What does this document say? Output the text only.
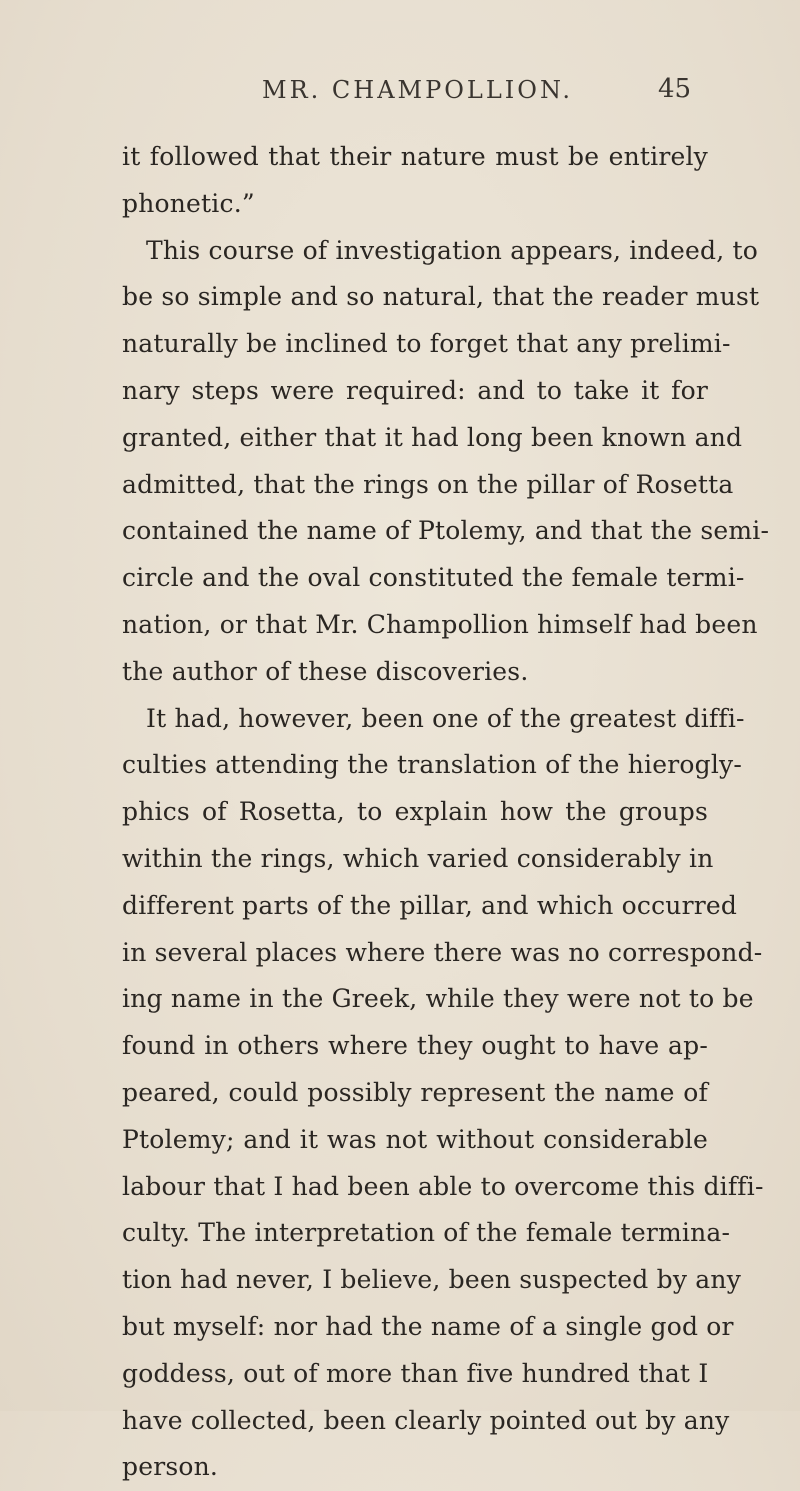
MR. CHAMPOLLION.	45
it followed that their nature must be entirely
phonetic.”
This course of investigation appears, indeed, to
be so simple and so natural, that the reader must
naturally be inclined to forget that any prelimi-
nary steps were required: and to take it for
granted, either that it had long been known and
admitted, that the rings on the pillar of Rosetta
contained the name of Ptolemy, and that the semi-
circle and the oval constituted the female termi-
nation, or that Mr. Champollion himself had been
the author of these discoveries.
It had, however, been one of the greatest diffi-
culties attending the translation of the hierogly-
phics of Rosetta, to explain how the groups
within the rings, which varied considerably in
different parts of the pillar, and which occurred
in several places where there was no correspond-
ing name in the Greek, while they were not to be
found in others where they ought to have ap-
peared, could possibly represent the name of
Ptolemy; and it was not without considerable
labour that I had been able to overcome this diffi-
culty. The interpretation of the female termina-
tion had never, I believe, been suspected by any
but myself: nor had the name of a single god or
goddess, out of more than five hundred that I
have collected, been clearly pointed out by any
person.
